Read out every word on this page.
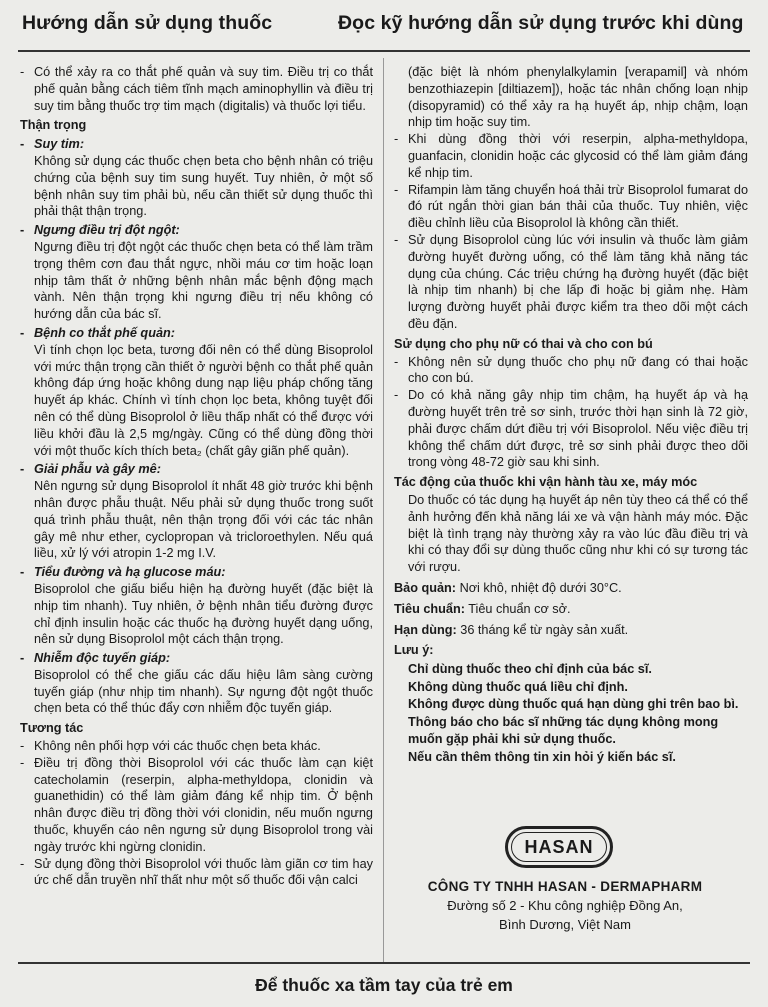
Hướng dẫn sử dụng thuốc	Đọc kỹ hướng dẫn sử dụng trước khi dùng

- Có thể xảy ra co thắt phế quản và suy tim. Điều trị co thắt phế quản bằng cách tiêm tĩnh mạch aminophyllin và điều trị suy tim bằng thuốc trợ tim mạch (digitalis) và thuốc lợi tiểu.

Thận trọng
- Suy tim:

Không sử dụng các thuốc chẹn beta cho bệnh nhân có triệu chứng của bệnh suy tim sung huyết. Tuy nhiên, ở một số bệnh nhân suy tim phải bù, nếu cần thiết sử dụng thuốc thì phải thật thận trọng.

- Ngưng điều trị đột ngột:

Ngưng điều trị đột ngột các thuốc chẹn beta có thể làm trầm trọng thêm cơn đau thắt ngực, nhồi máu cơ tim hoặc loạn nhịp tâm thất ở những bệnh nhân mắc bệnh động mạch vành. Nên thận trọng khi ngưng điều trị nếu không có hướng dẫn của bác sĩ.

- Bệnh co thắt phế quản:

Vì tính chọn lọc beta, tương đối nên có thể dùng Bisoprolol với mức thận trọng cần thiết ở người bệnh co thắt phế quản không đáp ứng hoặc không dung nạp liệu pháp chống tăng huyết áp khác. Chính vì tính chọn lọc beta, không tuyệt đối nên có thể dùng Bisoprolol ở liều thấp nhất có thể được với liều khởi đầu là 2,5 mg/ngày. Cũng có thể dùng đồng thời với một thuốc kích thích beta₂ (chất gây giãn phế quản).

- Giải phẫu và gây mê:

Nên ngưng sử dụng Bisoprolol ít nhất 48 giờ trước khi bệnh nhân được phẫu thuật. Nếu phải sử dụng thuốc trong suốt quá trình phẫu thuật, nên thận trọng đối với các tác nhân gây mê như ether, cyclopropan và tricloroethylen. Nếu quá liều, xử lý với atropin 1-2 mg I.V.

- Tiểu đường và hạ glucose máu:

Bisoprolol che giấu biểu hiện hạ đường huyết (đặc biệt là nhịp tim nhanh). Tuy nhiên, ở bệnh nhân tiểu đường được chỉ định insulin hoặc các thuốc hạ đường huyết dạng uống, nên sử dụng Bisoprolol một cách thận trọng.

- Nhiễm độc tuyến giáp:

Bisoprolol có thể che giấu các dấu hiệu lâm sàng cường tuyến giáp (như nhịp tim nhanh). Sự ngưng đột ngột thuốc chẹn beta có thể thúc đẩy cơn nhiễm độc tuyến giáp.

Tương tác

- Không nên phối hợp với các thuốc chẹn beta khác.

- Điều trị đồng thời Bisoprolol với các thuốc làm cạn kiệt catecholamin (reserpin, alpha-methyldopa, clonidin và guanethidin) có thể làm giảm đáng kể nhịp tim. Ở bệnh nhân được điều trị đồng thời với clonidin, nếu muốn ngưng thuốc, khuyến cáo nên ngưng sử dụng Bisoprolol trong vài ngày trước khi ngừng clonidin.

- Sử dụng đồng thời Bisoprolol với thuốc làm giãn cơ tim hay ức chế dẫn truyền nhĩ thất như một số thuốc đối vận calci

(đặc biệt là nhóm phenylalkylamin [verapamil] và nhóm benzothiazepin [diltiazem]), hoặc tác nhân chống loạn nhịp (disopyramid) có thể xảy ra hạ huyết áp, nhịp chậm, loạn nhịp tim hoặc suy tim.

- Khi dùng đồng thời với reserpin, alpha-methyldopa, guanfacin, clonidin hoặc các glycosid có thể làm giảm đáng kể nhịp tim.

- Rifampin làm tăng chuyển hoá thải trừ Bisoprolol fumarat do đó rút ngắn thời gian bán thải của thuốc. Tuy nhiên, việc điều chỉnh liều của Bisoprolol là không cần thiết.

- Sử dụng Bisoprolol cùng lúc với insulin và thuốc làm giảm đường huyết đường uống, có thể làm tăng khả năng tác dụng của chúng. Các triệu chứng hạ đường huyết (đặc biệt là nhịp tim nhanh) bị che lấp đi hoặc bị giảm nhẹ. Hàm lượng đường huyết phải được kiểm tra theo dõi một cách đều đặn.

Sử dụng cho phụ nữ có thai và cho con bú

- Không nên sử dụng thuốc cho phụ nữ đang có thai hoặc cho con bú.

- Do có khả năng gây nhịp tim chậm, hạ huyết áp và hạ đường huyết trên trẻ sơ sinh, trước thời hạn sinh là 72 giờ, phải được chấm dứt điều trị với Bisoprolol. Nếu việc điều trị không thể chấm dứt được, trẻ sơ sinh phải được theo dõi trong vòng 48-72 giờ sau khi sinh.

Tác động của thuốc khi vận hành tàu xe, máy móc

Do thuốc có tác dụng hạ huyết áp nên tùy theo cá thể có thể ảnh hưởng đến khả năng lái xe và vận hành máy móc. Đặc biệt là tình trạng này thường xảy ra vào lúc đầu điều trị và khi có thay đổi sự dùng thuốc cũng như khi có sự tương tác với rượu.

Bảo quản: Nơi khô, nhiệt độ dưới 30°C.
Tiêu chuẩn: Tiêu chuẩn cơ sở.
Hạn dùng: 36 tháng kể từ ngày sản xuất.
Lưu ý:
Chỉ dùng thuốc theo chỉ định của bác sĩ.
Không dùng thuốc quá liều chỉ định.
Không được dùng thuốc quá hạn dùng ghi trên bao bì.
Thông báo cho bác sĩ những tác dụng không mong muốn gặp phải khi sử dụng thuốc.
Nếu cần thêm thông tin xin hỏi ý kiến bác sĩ.
HASAN
CÔNG TY TNHH HASAN - DERMAPHARM
Đường số 2 - Khu công nghiệp Đồng An,
Bình Dương, Việt Nam
Để thuốc xa tầm tay của trẻ em
